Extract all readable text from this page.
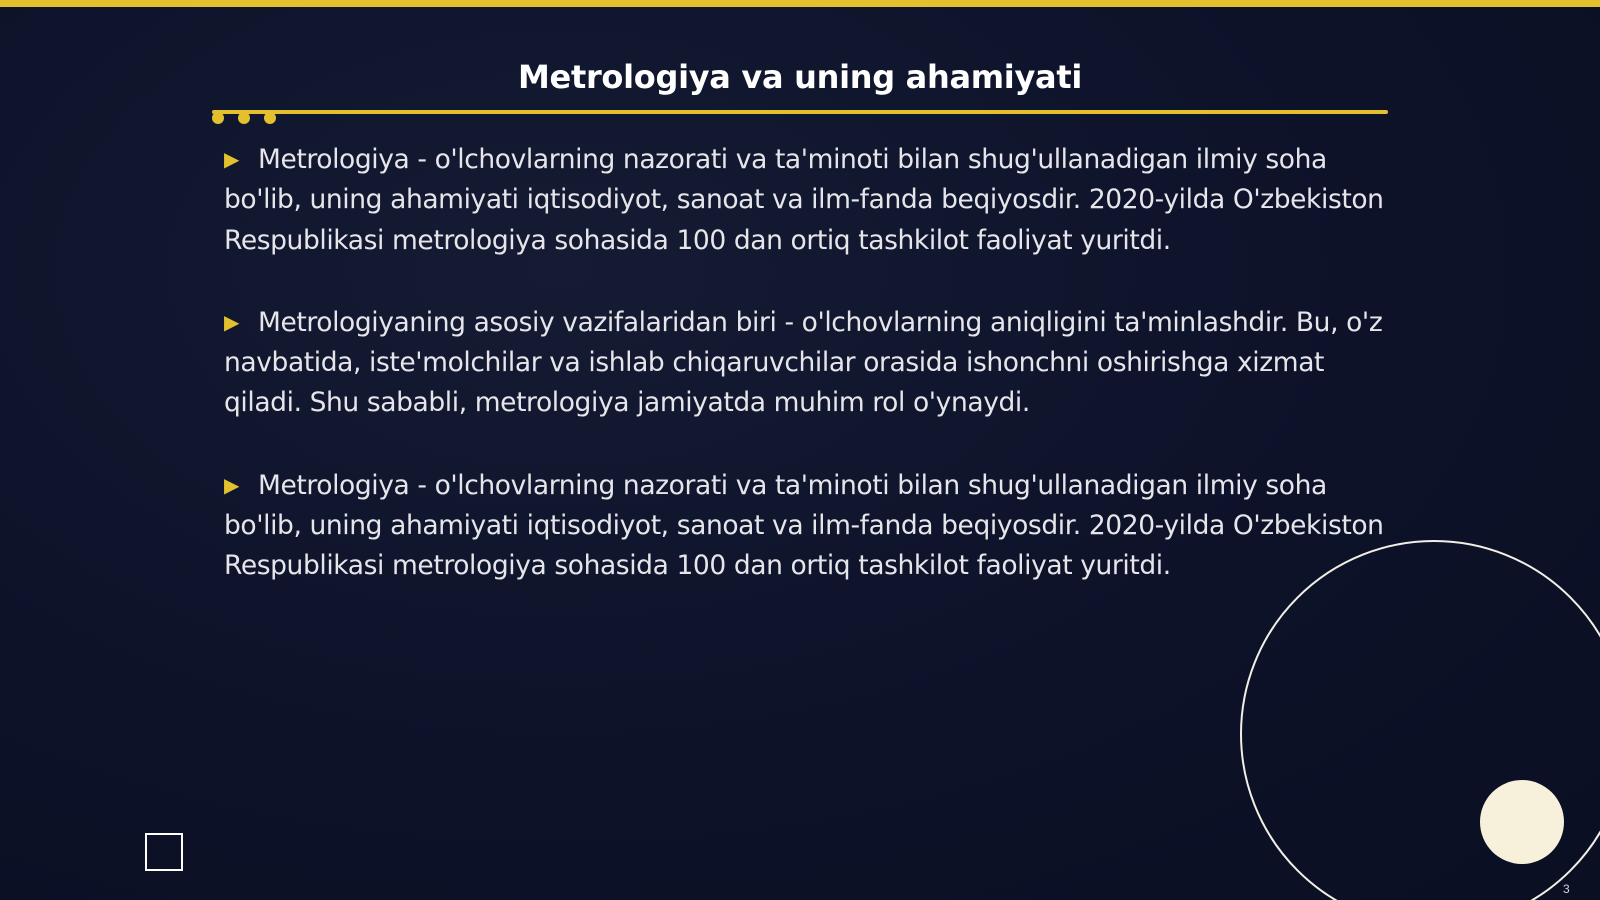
Metrologiya va uning ahamiyati

▶ Metrologiya - o'lchovlarning nazorati va ta'minoti bilan shug'ullanadigan ilmiy soha bo'lib, uning ahamiyati iqtisodiyot, sanoat va ilm-fanda beqiyosdir. 2020-yilda O'zbekiston Respublikasi metrologiya sohasida 100 dan ortiq tashkilot faoliyat yuritdi.

▶ Metrologiyaning asosiy vazifalaridan biri - o'lchovlarning aniqligini ta'minlashdir. Bu, o'z navbatida, iste'molchilar va ishlab chiqaruvchilar orasida ishonchni oshirishga xizmat qiladi. Shu sababli, metrologiya jamiyatda muhim rol o'ynaydi.

▶ Metrologiya - o'lchovlarning nazorati va ta'minoti bilan shug'ullanadigan ilmiy soha bo'lib, uning ahamiyati iqtisodiyot, sanoat va ilm-fanda beqiyosdir. 2020-yilda O'zbekiston Respublikasi metrologiya sohasida 100 dan ortiq tashkilot faoliyat yuritdi.

3
